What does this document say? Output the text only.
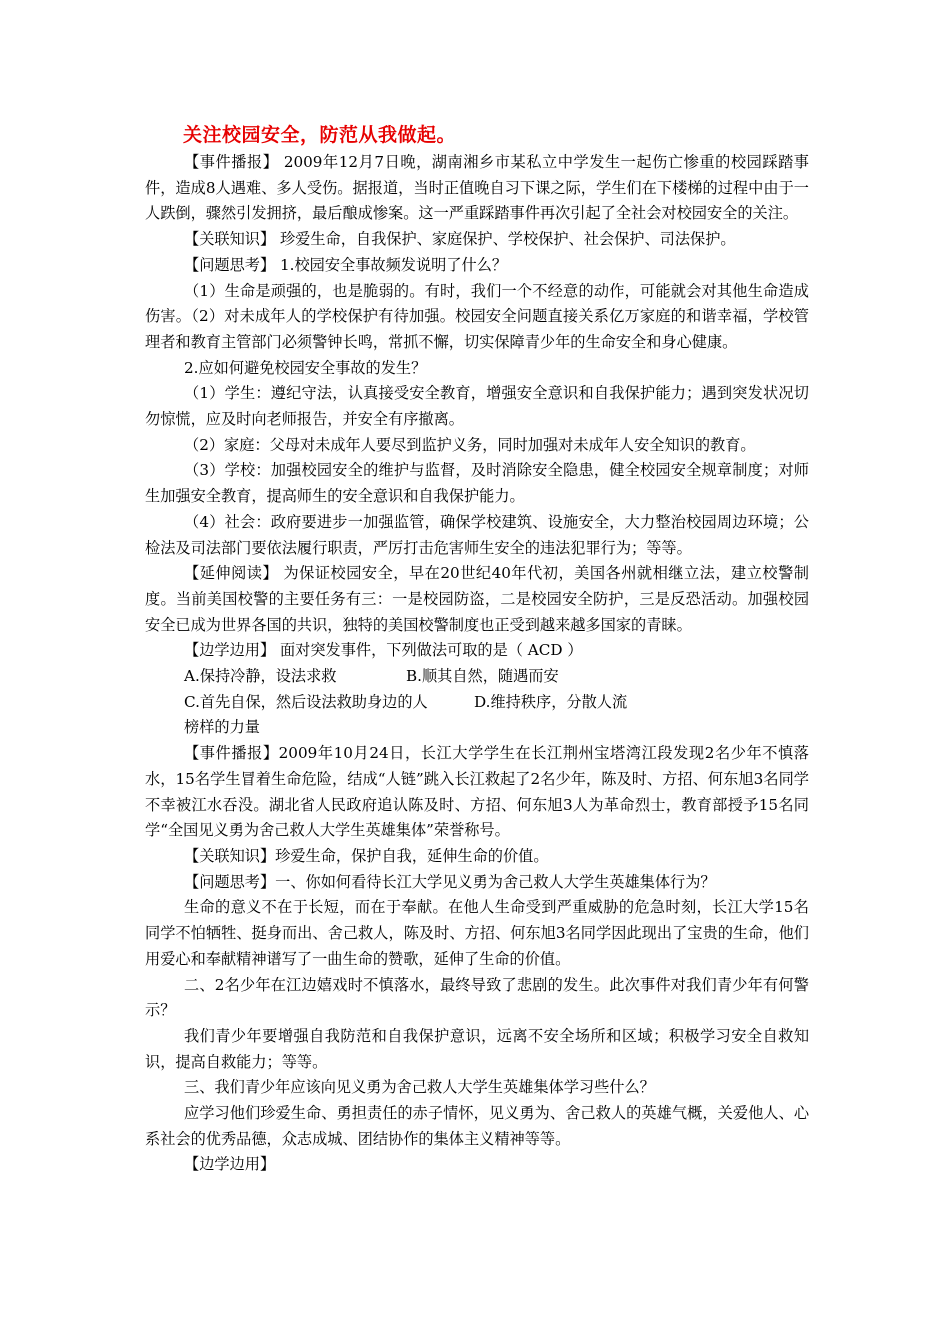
关注校园安全，防范从我做起。

【事件播报】 2009年12月7日晚，湖南湘乡市某私立中学发生一起伤亡惨重的校园踩踏事件，造成8人遇难、多人受伤。据报道，当时正值晚自习下课之际，学生们在下楼梯的过程中由于一人跌倒，骤然引发拥挤，最后酿成惨案。这一严重踩踏事件再次引起了全社会对校园安全的关注。

【关联知识】 珍爱生命，自我保护、家庭保护、学校保护、社会保护、司法保护。

【问题思考】 1.校园安全事故频发说明了什么？

（1）生命是顽强的，也是脆弱的。有时，我们一个不经意的动作，可能就会对其他生命造成伤害。（2）对未成年人的学校保护有待加强。校园安全问题直接关系亿万家庭的和谐幸福，学校管理者和教育主管部门必须警钟长鸣，常抓不懈，切实保障青少年的生命安全和身心健康。

2.应如何避免校园安全事故的发生？

（1）学生：遵纪守法，认真接受安全教育，增强安全意识和自我保护能力；遇到突发状况切勿惊慌，应及时向老师报告，并安全有序撤离。

（2）家庭：父母对未成年人要尽到监护义务，同时加强对未成年人安全知识的教育。

（3）学校：加强校园安全的维护与监督，及时消除安全隐患，健全校园安全规章制度；对师生加强安全教育，提高师生的安全意识和自我保护能力。

（4）社会：政府要进步一加强监管，确保学校建筑、设施安全，大力整治校园周边环境；公检法及司法部门要依法履行职责，严厉打击危害师生安全的违法犯罪行为；等等。

【延伸阅读】 为保证校园安全，早在20世纪40年代初，美国各州就相继立法，建立校警制度。当前美国校警的主要任务有三：一是校园防盗，二是校园安全防护，三是反恐活动。加强校园安全已成为世界各国的共识，独特的美国校警制度也正受到越来越多国家的青睐。

【边学边用】 面对突发事件，下列做法可取的是（ ACD ）

A.保持冷静，设法求救	B.顺其自然，随遇而安
C.首先自保，然后设法救助身边的人	D.维持秩序，分散人流

榜样的力量

【事件播报】2009年10月24日，长江大学学生在长江荆州宝塔湾江段发现2名少年不慎落水，15名学生冒着生命危险，结成“人链”跳入长江救起了2名少年，陈及时、方招、何东旭3名同学不幸被江水吞没。湖北省人民政府追认陈及时、方招、何东旭3人为革命烈士，教育部授予15名同学“全国见义勇为舍己救人大学生英雄集体”荣誉称号。

【关联知识】珍爱生命，保护自我，延伸生命的价值。

【问题思考】一、你如何看待长江大学见义勇为舍己救人大学生英雄集体行为？

生命的意义不在于长短，而在于奉献。在他人生命受到严重威胁的危急时刻，长江大学15名同学不怕牺牲、挺身而出、舍己救人，陈及时、方招、何东旭3名同学因此现出了宝贵的生命，他们用爱心和奉献精神谱写了一曲生命的赞歌，延伸了生命的价值。

二、2名少年在江边嬉戏时不慎落水，最终导致了悲剧的发生。此次事件对我们青少年有何警示？

我们青少年要增强自我防范和自我保护意识，远离不安全场所和区域；积极学习安全自救知识，提高自救能力；等等。

三、我们青少年应该向见义勇为舍己救人大学生英雄集体学习些什么？

应学习他们珍爱生命、勇担责任的赤子情怀，见义勇为、舍己救人的英雄气概，关爱他人、心系社会的优秀品德，众志成城、团结协作的集体主义精神等等。

【边学边用】
